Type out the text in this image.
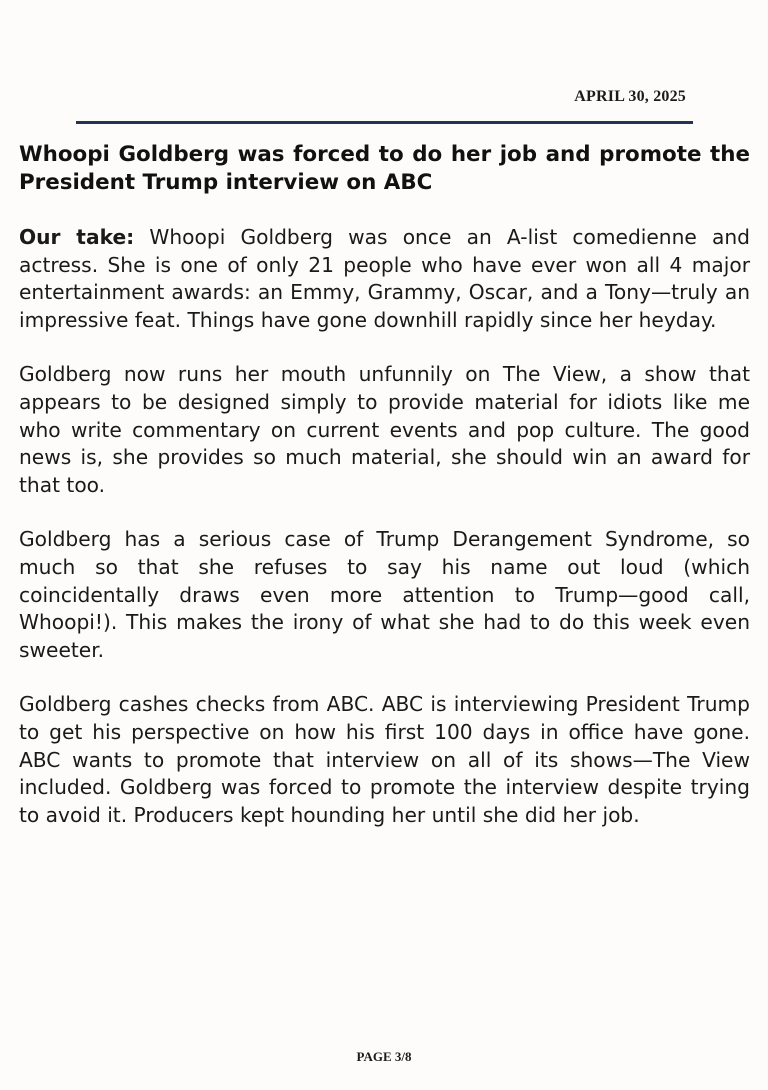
APRIL 30, 2025
Whoopi Goldberg was forced to do her job and promote the President Trump interview on ABC

Our take: Whoopi Goldberg was once an A-list comedienne and actress. She is one of only 21 people who have ever won all 4 major entertainment awards: an Emmy, Grammy, Oscar, and a Tony—truly an impressive feat. Things have gone downhill rapidly since her heyday.

Goldberg now runs her mouth unfunnily on The View, a show that appears to be designed simply to provide material for idiots like me who write commentary on current events and pop culture. The good news is, she provides so much material, she should win an award for that too.

Goldberg has a serious case of Trump Derangement Syndrome, so much so that she refuses to say his name out loud (which coincidentally draws even more attention to Trump—good call, Whoopi!). This makes the irony of what she had to do this week even sweeter.

Goldberg cashes checks from ABC. ABC is interviewing President Trump to get his perspective on how his first 100 days in office have gone. ABC wants to promote that interview on all of its shows—The View included. Goldberg was forced to promote the interview despite trying to avoid it. Producers kept hounding her until she did her job.

PAGE 3/8
